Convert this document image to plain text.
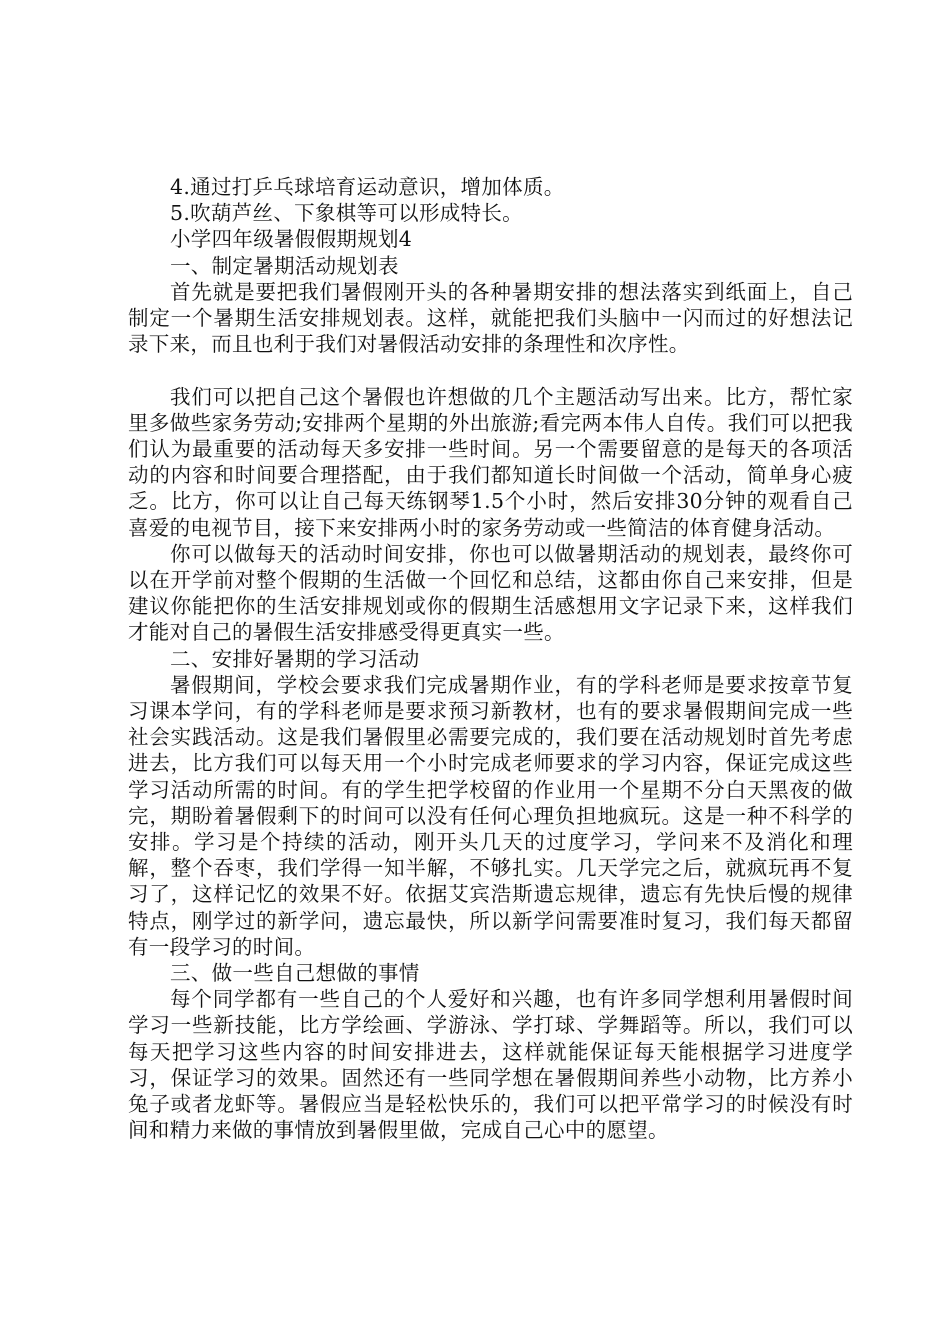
4.通过打乒乓球培育运动意识，增加体质。

5.吹葫芦丝、下象棋等可以形成特长。

小学四年级暑假假期规划4

一、制定暑期活动规划表

首先就是要把我们暑假刚开头的各种暑期安排的想法落实到纸面上，自己制定一个暑期生活安排规划表。这样，就能把我们头脑中一闪而过的好想法记录下来，而且也利于我们对暑假活动安排的条理性和次序性。

我们可以把自己这个暑假也许想做的几个主题活动写出来。比方，帮忙家里多做些家务劳动;安排两个星期的外出旅游;看完两本伟人自传。我们可以把我们认为最重要的活动每天多安排一些时间。另一个需要留意的是每天的各项活动的内容和时间要合理搭配，由于我们都知道长时间做一个活动，简单身心疲乏。比方，你可以让自己每天练钢琴1.5个小时，然后安排30分钟的观看自己喜爱的电视节目，接下来安排两小时的家务劳动或一些简洁的体育健身活动。

你可以做每天的活动时间安排，你也可以做暑期活动的规划表，最终你可以在开学前对整个假期的生活做一个回忆和总结，这都由你自己来安排，但是建议你能把你的生活安排规划或你的假期生活感想用文字记录下来，这样我们才能对自己的暑假生活安排感受得更真实一些。

二、安排好暑期的学习活动

暑假期间，学校会要求我们完成暑期作业，有的学科老师是要求按章节复习课本学问，有的学科老师是要求预习新教材，也有的要求暑假期间完成一些社会实践活动。这是我们暑假里必需要完成的，我们要在活动规划时首先考虑进去，比方我们可以每天用一个小时完成老师要求的学习内容，保证完成这些学习活动所需的时间。有的学生把学校留的作业用一个星期不分白天黑夜的做完，期盼着暑假剩下的时间可以没有任何心理负担地疯玩。这是一种不科学的安排。学习是个持续的活动，刚开头几天的过度学习，学问来不及消化和理解，整个吞枣，我们学得一知半解，不够扎实。几天学完之后，就疯玩再不复习了，这样记忆的效果不好。依据艾宾浩斯遗忘规律，遗忘有先快后慢的规律特点，刚学过的新学问，遗忘最快，所以新学问需要准时复习，我们每天都留有一段学习的时间。

三、做一些自己想做的事情

每个同学都有一些自己的个人爱好和兴趣，也有许多同学想利用暑假时间学习一些新技能，比方学绘画、学游泳、学打球、学舞蹈等。所以，我们可以每天把学习这些内容的时间安排进去，这样就能保证每天能根据学习进度学习，保证学习的效果。固然还有一些同学想在暑假期间养些小动物，比方养小兔子或者龙虾等。暑假应当是轻松快乐的，我们可以把平常学习的时候没有时间和精力来做的事情放到暑假里做，完成自己心中的愿望。
